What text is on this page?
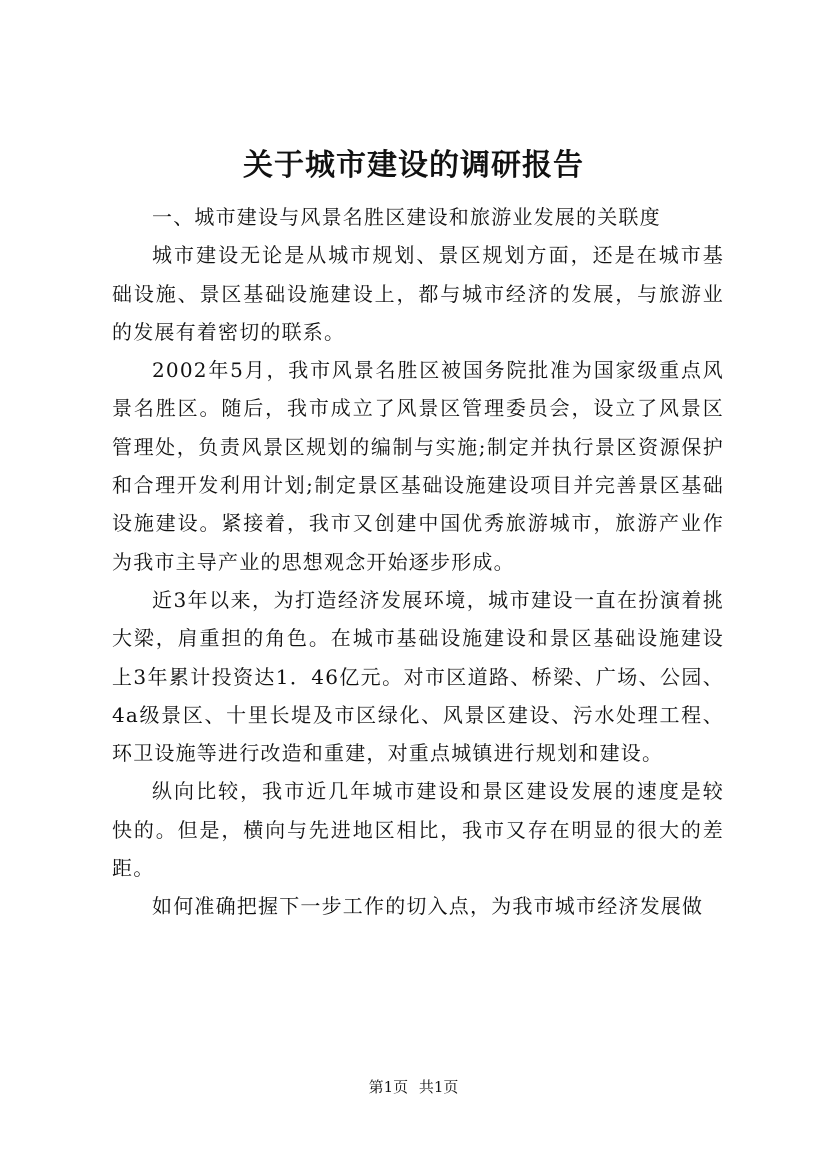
关于城市建设的调研报告

一、城市建设与风景名胜区建设和旅游业发展的关联度

城市建设无论是从城市规划、景区规划方面，还是在城市基础设施、景区基础设施建设上，都与城市经济的发展，与旅游业的发展有着密切的联系。

2002年5月，我市风景名胜区被国务院批准为国家级重点风景名胜区。随后，我市成立了风景区管理委员会，设立了风景区管理处，负责风景区规划的编制与实施;制定并执行景区资源保护和合理开发利用计划;制定景区基础设施建设项目并完善景区基础设施建设。紧接着，我市又创建中国优秀旅游城市，旅游产业作为我市主导产业的思想观念开始逐步形成。

近3年以来，为打造经济发展环境，城市建设一直在扮演着挑大梁，肩重担的角色。在城市基础设施建设和景区基础设施建设上3年累计投资达1．46亿元。对市区道路、桥梁、广场、公园、4a级景区、十里长堤及市区绿化、风景区建设、污水处理工程、环卫设施等进行改造和重建，对重点城镇进行规划和建设。

纵向比较，我市近几年城市建设和景区建设发展的速度是较快的。但是，横向与先进地区相比，我市又存在明显的很大的差距。

如何准确把握下一步工作的切入点，为我市城市经济发展做

第1页 共1页
